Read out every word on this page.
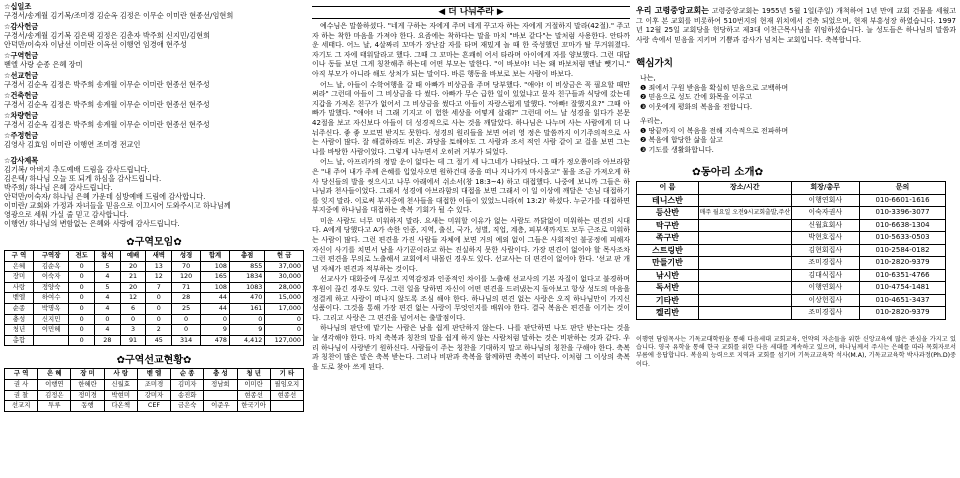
☆십일조
구경서/송계월 김기복/조미경 김순옥 김정은 이무순 이미란 현종선/임현희
☆감사헌금
구경서/송계월 김기복 김은택 김정은 김춘자 박주희 신지민/김현희
안덕만/이숙자 이남선 이미란 이옥선 이행연 임경애 현주성
☆구역헌금
벧엘 사랑 순종 은혜 장미
☆선교헌금
구경서 김순옥 김정은 박주희 송계월 이무순 이미란 현종선 현주성
☆건축헌금
구경서 김순옥 김정은 박주희 송계월 이무순 이미란 현종선 현주성
☆차량헌금
구경서 김순옥 김정은 박주희 송계월 이무순 이미란 현종선 현주성
☆주정헌금
김영사 김효임 이미란 이행연 조미경 전교인
☆감사제목
김기복/ 아버지 추도예배 드림을 감사드립니다.
김은택/ 하나님 오늘 또 되게 하심을 감사드립니다.
박주희/ 하나님 은혜 감사드립니다.
안덕만/이숙자/ 하나님 은혜 가운데 심방예배 드림에 감사합니다.
이미란/ 교회와 가정과 자녀들을 믿음으로 이끄시어 도와주시고 하나님께
영광으로 세워 가실 줄 믿고 감사합니다.
이행연/ 하나님의 변함없는 은혜와 사랑에 감사드립니다.
✿구역모임✿
구 역	구역장	전도	참석	예배	새벽	성경	합계	총점	헌 금
은혜	김순옥	0	5	20	13	70	108	855	37,000
장미	이숙자	0	4	21	12	120	165	1834	30,000
사랑	정양숙	0	5	20	7	71	108	1083	28,000
벧엘	하여수	0	4	12	0	28	44	470	15,000
순종	박명옥	0	4	6	0	25	44	161	17,000
충성	신지민	0	0	0	0	0	0	0	0
청년	이민혜	0	4	3	2	0	9	9	0
총합		0	28	91	45	314	478	4,412	127,000
✿구역선교현황✿
구 역	은 혜	장 미	사 랑	벧 엘	순 종	충 성	청 년	기 타
권 사	이행연	한혜란	신월효	조미경	김미자	정남희	이미란	필임오지
권 찰	김정은	정미경	박현미	강미자	송진화		현종선	현종선
선교지	투루	동행	다온첵	CEF	금은숙	이준우	한국기아	
◀ 더 나눠주라 ▶

예수님은 말씀하셨다. "네게 구하는 자에게 주며 네게 꾸고자 하는 자에게 거절하지 말라(42절)." 주고자 하는 착한 마음을 가져야 한다. 요즘에는 착하다는 말을 마치 "바보 같다"는 말처럼 사용한다. 안타까운 세태다. 어느 날, 4살짜리 꼬마가 장난감 자를 타며 재밌게 놀 때 한 죽성했던 꼬마가 탈 무거워졌다. 자기도 그 자에 태워달라고 했다. 그때 그 꼬마는 흔쾌히 어서 타라며 아이에게 자를 양보했다. 그런 대답이나 동들 보던 그게 칭찬해주 하는데 어떤 부모는 말한다. "이 바보야! 너는 왜 바보처럼 맨날 뺏기니." 아직 부모가 아니라 해도 상처가 되는 말이다. 바른 행동을 바보로 보는 사람이 바보다.

어느 날, 아들이 수학여행을 갈 때 아빠가 비상금을 주며 당부했다. "애야! 이 비상금은 꼭 필요할 때만 써라" 그런데 아들이 그 비상금을 다 썼다. 아빠가 무슨 급한 일이 있었냐고 묻자 친구들과 식당에 갔는데 지갑을 가져온 친구가 없어서 그 비상금을 썼다고 아들이 자랑스럽게 말했다. "아빠! 잘했지요?" 그때 아빠가 말했다. "애야! 너 그래 기지고 이 험한 세상을 어떻게 살래?" 그런데 어느 날 성경을 읽다가 본문 42절을 보고 자신보다 아들이 더 성경적으로 사는 것을 깨달았다. 하나님은 나누며 사는 사람에게 더 나눠주신다. 좋 좋 모르면 받지도 못한다. 성경의 원리들을 보면 여러 영 정은 말씀까지 이기주의적으로 사는 사람이 많다. 잘 해결하라도 비온. 과당을 토해야도 그 사람과 조서 적인 사람 같이 교 걸을 보면 그는 나를 바탕한 사람이었다. 그렇게 나누면서 오히려 거부가 되었다.

어느 날, 아프리카의 정말 운이 없다는 데 그 절기 세 나그네가 나타났다. 그 때가 정오쯤이라 아브라함은 "내 주여 내가 주께 은혜를 입었사오면 원하건대 종을 떠나 지나가지 마시옵고" 물을 조금 가져오게 하사 당신들의 발을 씻으시고 나무 아래에서 쉬소서(창 18:3~4) 하고 대접했다. 나중에 보니까 그들은 하나님과 천사들이었다. 그래서 성경에 아브라함의 대접을 보면 그래서 이 일 이상에 깨달은 '손님 대접하기를 잊지 말라. 이로써 부지중에 천사들을 대접한 이들이 있었느니라(히 13:2)' 하셨다. 누군가를 대접하면 부지중에 하나님을 대접하는 축복 기회가 될 수 있다.

미운 사람도 너무 미워하지 말라. 요새는 미워할 이유가 없는 사람도 까닭없이 미워하는 편견의 시대다. A에게 당했다고 A가 속한 인종, 지역, 출신, 국가, 성별, 직업, 계층, 피부색까지도 모두 근조로 미워하는 사람이 많다. 그런 편견을 가진 사람들 자체에 보면 거의 예외 없이 그들은 사회적인 불공정에 피해자 자신이 사기를 치면서 남을 사기꾼이라고 하는 진실하지 못한 사람이다. 가장 편견이 없어야 할 목사조차 그런 편견을 무의로 노출해서 교회에서 내몰린 경우도 있다. 선교사는 더 편견이 없어야 한다. '선교 판 개념 자체가 편견과 적부하는 것이다.

선교사가 대화중에 무심코 지역감정과 인종적인 차이를 노출해 선교사의 기본 자질이 없다고 불경하며 후원이 끊긴 경우도 있다. 그런 일을 당하면 자신이 어떤 편견을 드러냈는지 돌아보고 항상 성도의 마음을 정결케 하고 사랑이 떠나지 않도록 조심 해야 한다. 하나님의 편견 없는 사랑은 오직 하나님만이 가지신 성품이다. 그것을 통해 가장 편견 없는 사랑이 무엇인지를 배워야 한다. 결국 복음은 편견을 이기는 것이다. 그리고 사랑은 그 편견을 넘어서는 출발점이다.

하나님의 판단에 맡기는 사람은 남을 쉽게 판단하지 않는다. 나를 판단하면 나도 판단 받는다는 것을 늘 생각해야 한다. 마치 축복과 칭찬의 말을 쉽게 하지 않는 사람처럼 말하는 것은 비판하는 것과 같다. 우리 하나님이 사랑받기 원하신다. 사람들이 주는 칭찬을 기대하지 말고 하나님의 칭찬을 구해야 한다. 축복과 칭찬이 많은 말은 축복 받는다. 그러나 비판과 축복을 함께하면 축복이 떠난다. 이처럼 그 이상의 축복을 도로 찾아 쓰게 된다.

우리 고령중앙교회는 고령중앙교회는 1955년 5월 1일(주일) 개척하여 1년 만에 교회 건물을 세웠고 그 이후 본 교회를 비롯하여 510번지의 현재 위치에서 건축 되었으며, 현재 부흥성장 하였습니다. 1997년 12월 25일 교회당을 헌당하고 제3대 이천근목사님을 위임하셨습니다. 늘 성도들은 하나님의 말씀과 사랑 속에서 믿음을 지키며 기쁨과 감사가 넘치는 교회입니다. 축복합니다.
핵심가치
나는,
❶ 죄에서 구원 받음을 확실히 믿음으로 고백하며
❷ 믿음으로 성도 간에 화목을 이루고
❸ 이웃에게 평화의 복음을 전합니다.
우리는,
❶ 땅끝까지 이 복음을 전해 지속적으로 전파하며
❷ 복음에 합당한 삶을 살고
❸ 기도를 생활화합니다.
✿동아리 소개✿
이 름	장소/시간	회장/총무	문의
테니스반		이행연회사	010-6601-1616
등산반	매주 월요일 오전9시교회출발,주산	이숙자권사	010-3396-3077
탁구반		신월효회사	010-6638-1304
족구반		박현호집사	010-5633-0503
스트링반		김현회집사	010-2584-0182
만들기반		조미경집사	010-2820-9379
낚시반		김대식집사	010-6351-4766
독서반		이행연회사	010-4754-1481
기타반		이상헌집사	010-4651-3437
켈리반		조미경집사	010-2820-9379
이행연 담임목사는 기독교대학원을 통해 다음세대 교회교육, 언약의 자손들을 위한 신앙교육에 많은 관심을 가지고 있습니다. 영국 유학을 통해 한국 교회를 위한 다음 세대를 계속하고 있으며, 하나님께서 주시는 은혜를 따라 목회자로서 부름에 응답합니다. 복음의 능력으로 지역과 교회를 섬기며 기독교교육학 석사(M.A), 기독교교육학 박사과정(Ph.D)중이다.
